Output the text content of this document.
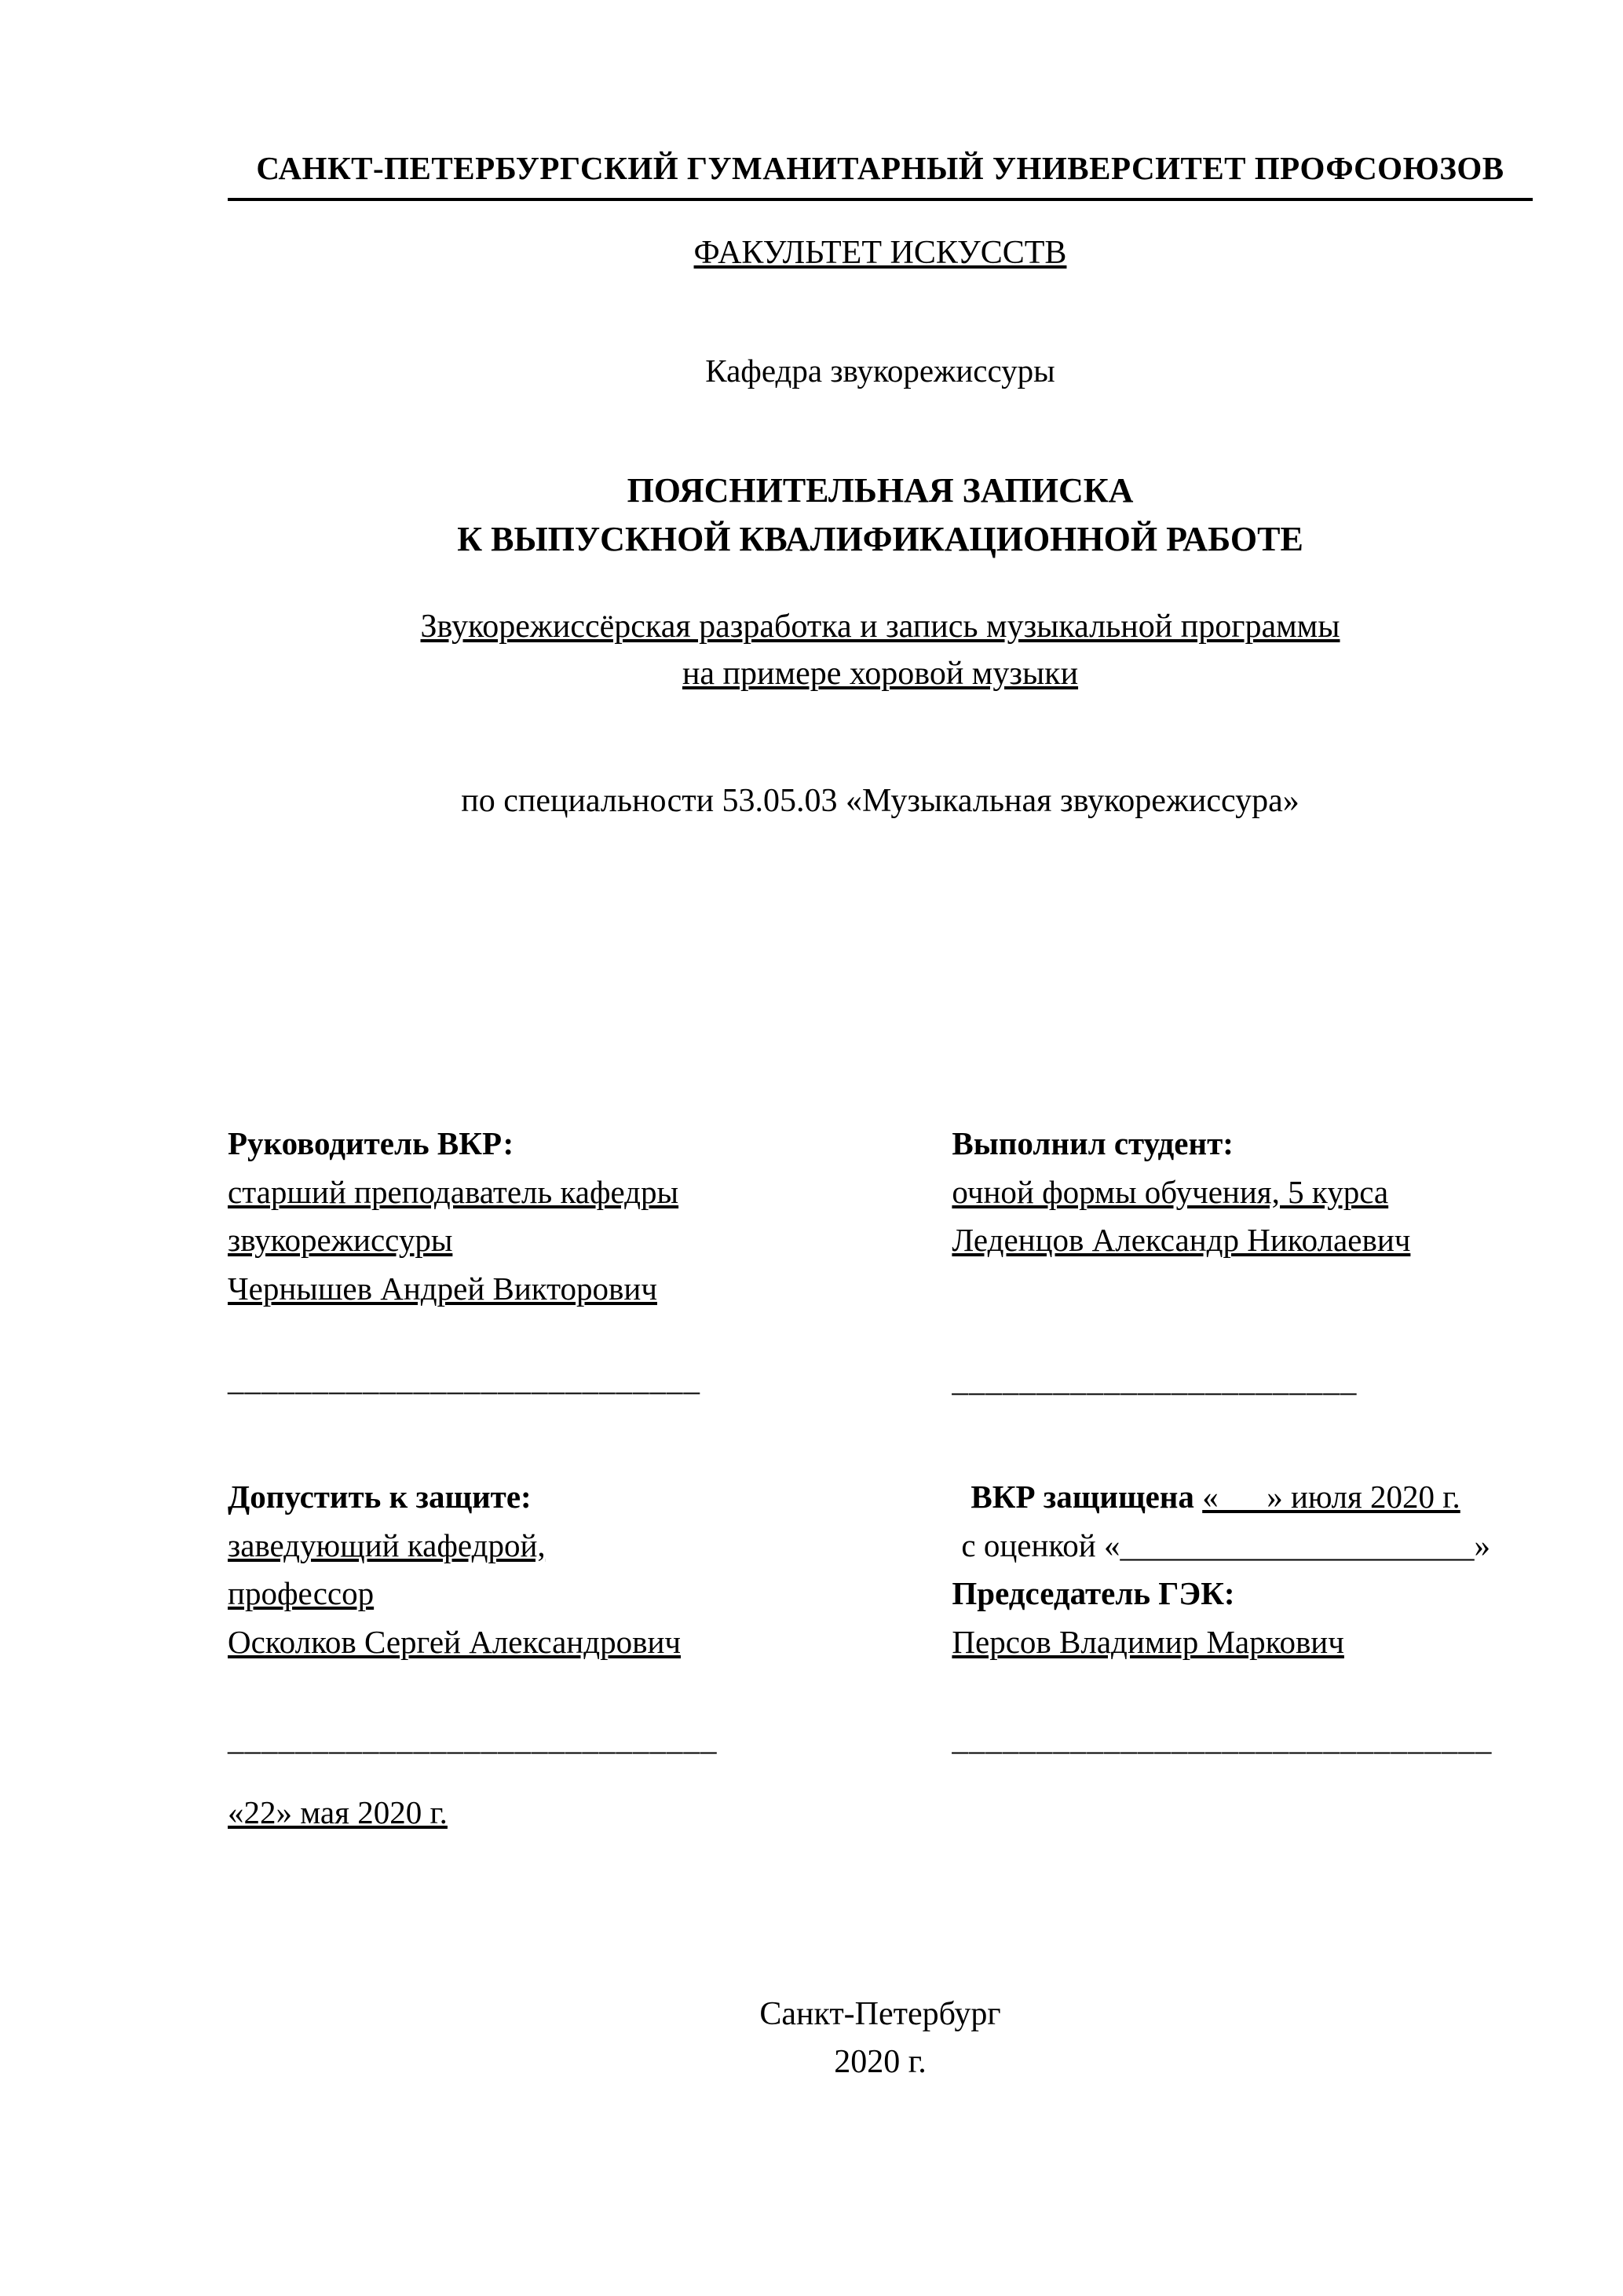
САНКТ-ПЕТЕРБУРГСКИЙ ГУМАНИТАРНЫЙ УНИВЕРСИТЕТ ПРОФСОЮЗОВ
ФАКУЛЬТЕТ ИСКУССТВ
Кафедра звукорежиссуры
ПОЯСНИТЕЛЬНАЯ ЗАПИСКА
К ВЫПУСКНОЙ КВАЛИФИКАЦИОННОЙ РАБОТЕ
Звукорежиссёрская разработка и запись музыкальной программы
на примере хоровой музыки
по специальности 53.05.03 «Музыкальная звукорежиссура»
Руководитель ВКР:
старший преподаватель кафедры
звукорежиссуры
Чернышев Андрей Викторович
____________________________
Выполнил студент:
очной формы обучения, 5 курса
Леденцов Александр Николаевич
________________________
Допустить к защите:
заведующий кафедрой,
профессор
Осколков Сергей Александрович
_____________________________
«22» мая 2020 г.
ВКР защищена «___» июля 2020 г.
с оценкой «______________________»
Председатель ГЭК:
Персов Владимир Маркович
________________________________
Санкт-Петербург
2020 г.
